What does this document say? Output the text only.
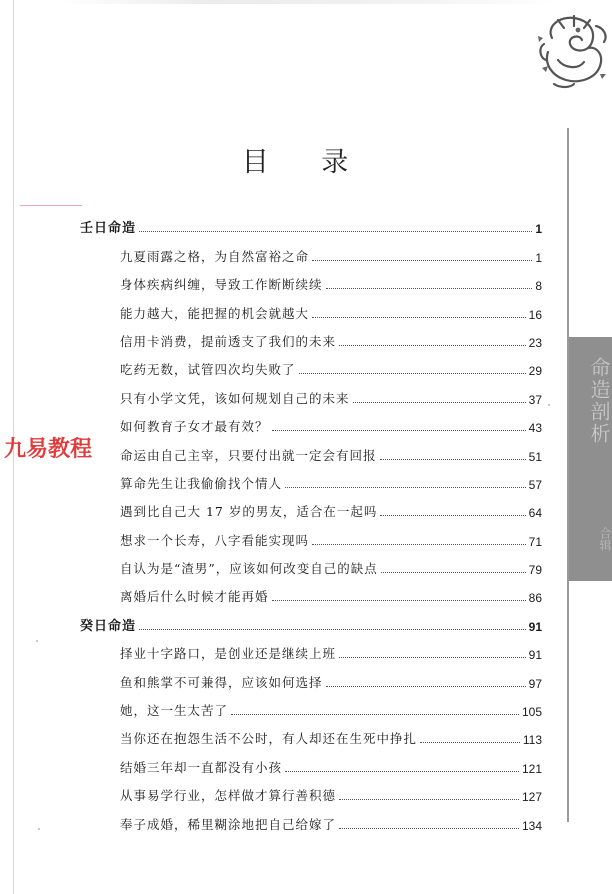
目 录
九易教程
命造剖析
合辑
壬日命造	1
九夏雨露之格，为自然富裕之命	1
身体疾病纠缠，导致工作断断续续	8
能力越大，能把握的机会就越大	16
信用卡消费，提前透支了我们的未来	23
吃药无数，试管四次均失败了	29
只有小学文凭，该如何规划自己的未来	37
如何教育子女才最有效？	43
命运由自己主宰，只要付出就一定会有回报	51
算命先生让我偷偷找个情人	57
遇到比自己大 17 岁的男友，适合在一起吗	64
想求一个长寿，八字看能实现吗	71
自认为是“渣男”，应该如何改变自己的缺点	79
离婚后什么时候才能再婚	86
癸日命造	91
择业十字路口，是创业还是继续上班	91
鱼和熊掌不可兼得，应该如何选择	97
她，这一生太苦了	105
当你还在抱怨生活不公时，有人却还在生死中挣扎	113
结婚三年却一直都没有小孩	121
从事易学行业，怎样做才算行善积德	127
奉子成婚，稀里糊涂地把自己给嫁了	134
